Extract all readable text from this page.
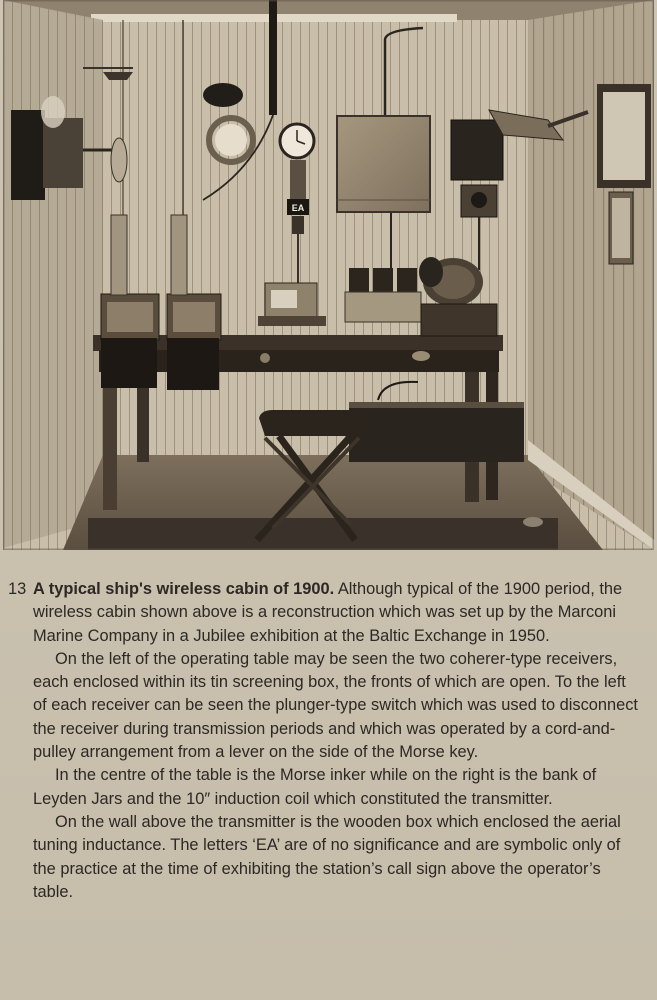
EA

13 A typical ship's wireless cabin of 1900. Although typical of the 1900 period, the wireless cabin shown above is a reconstruction which was set up by the Marconi Marine Company in a Jubilee exhibition at the Baltic Exchange in 1950.

On the left of the operating table may be seen the two coherer-type receivers, each enclosed within its tin screening box, the fronts of which are open. To the left of each receiver can be seen the plunger-type switch which was used to disconnect the receiver during transmission periods and which was operated by a cord-and-pulley arrangement from a lever on the side of the Morse key.

In the centre of the table is the Morse inker while on the right is the bank of Leyden Jars and the 10″ induction coil which constituted the transmitter.

On the wall above the transmitter is the wooden box which enclosed the aerial tuning inductance. The letters ‘EA’ are of no significance and are symbolic only of the practice at the time of exhibiting the station’s call sign above the operator’s table.
